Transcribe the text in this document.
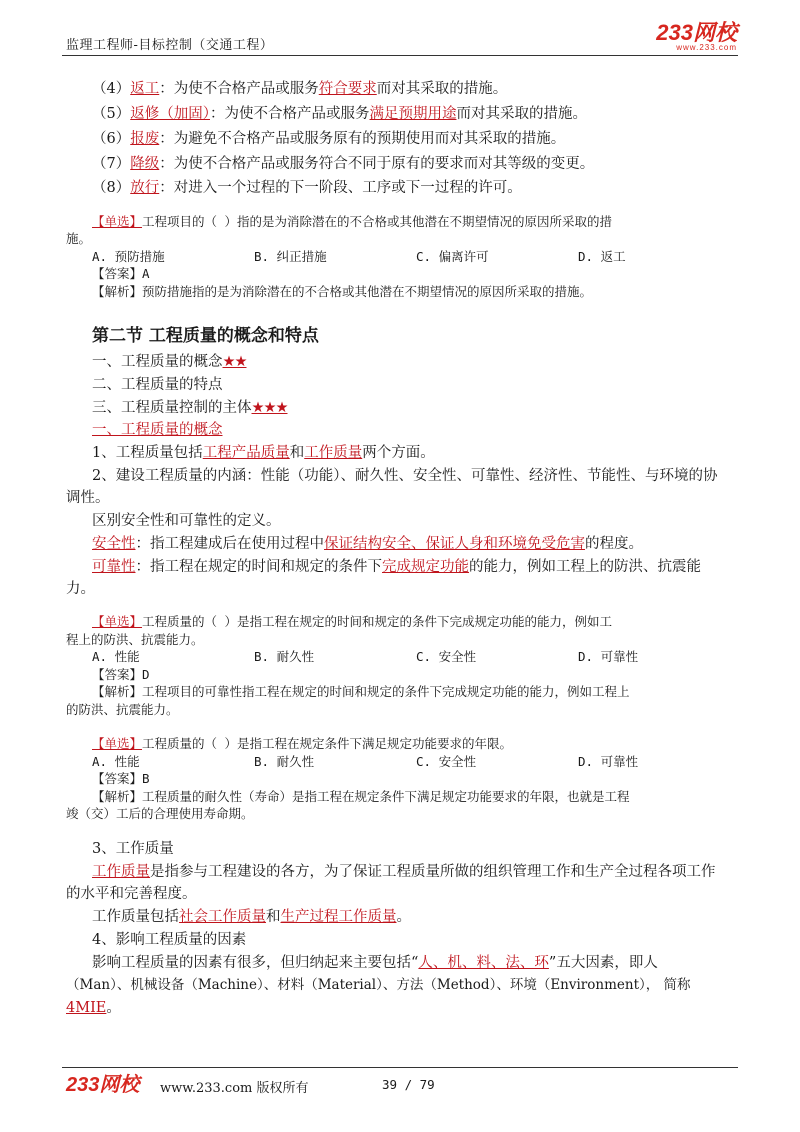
监理工程师-目标控制（交通工程）
233网校
www.233.com
（4）返工：为使不合格产品或服务符合要求而对其采取的措施。
（5）返修（加固）：为使不合格产品或服务满足预期用途而对其采取的措施。
（6）报废：为避免不合格产品或服务原有的预期使用而对其采取的措施。
（7）降级：为使不合格产品或服务符合不同于原有的要求而对其等级的变更。
（8）放行：对进入一个过程的下一阶段、工序或下一过程的许可。
【单选】工程项目的（ ）指的是为消除潜在的不合格或其他潜在不期望情况的原因所采取的措
施。
A. 预防措施	B. 纠正措施	C. 偏离许可	D. 返工
【答案】A
【解析】预防措施指的是为消除潜在的不合格或其他潜在不期望情况的原因所采取的措施。
第二节 工程质量的概念和特点
一、工程质量的概念★★
二、工程质量的特点
三、工程质量控制的主体★★★
一、工程质量的概念
1、工程质量包括工程产品质量和工作质量两个方面。
2、建设工程质量的内涵：性能（功能）、耐久性、安全性、可靠性、经济性、节能性、与环境的协
调性。
区别安全性和可靠性的定义。
安全性：指工程建成后在使用过程中保证结构安全、保证人身和环境免受危害的程度。
可靠性：指工程在规定的时间和规定的条件下完成规定功能的能力，例如工程上的防洪、抗震能
力。
【单选】工程质量的（ ）是指工程在规定的时间和规定的条件下完成规定功能的能力，例如工
程上的防洪、抗震能力。
A. 性能	B. 耐久性	C. 安全性	D. 可靠性
【答案】D
【解析】工程项目的可靠性指工程在规定的时间和规定的条件下完成规定功能的能力，例如工程上
的防洪、抗震能力。
【单选】工程质量的（ ）是指工程在规定条件下满足规定功能要求的年限。
A. 性能	B. 耐久性	C. 安全性	D. 可靠性
【答案】B
【解析】工程质量的耐久性（寿命）是指工程在规定条件下满足规定功能要求的年限，也就是工程
竣（交）工后的合理使用寿命期。
3、工作质量
工作质量是指参与工程建设的各方，为了保证工程质量所做的组织管理工作和生产全过程各项工作
的水平和完善程度。
工作质量包括社会工作质量和生产过程工作质量。
4、影响工程质量的因素
影响工程质量的因素有很多，但归纳起来主要包括“人、机、料、法、环”五大因素，即人
（Man）、机械设备（Machine）、材料（Material）、方法（Method）、环境（Environment）， 简称
4MIE。
233网校 www.233.com 版权所有	39 / 79
